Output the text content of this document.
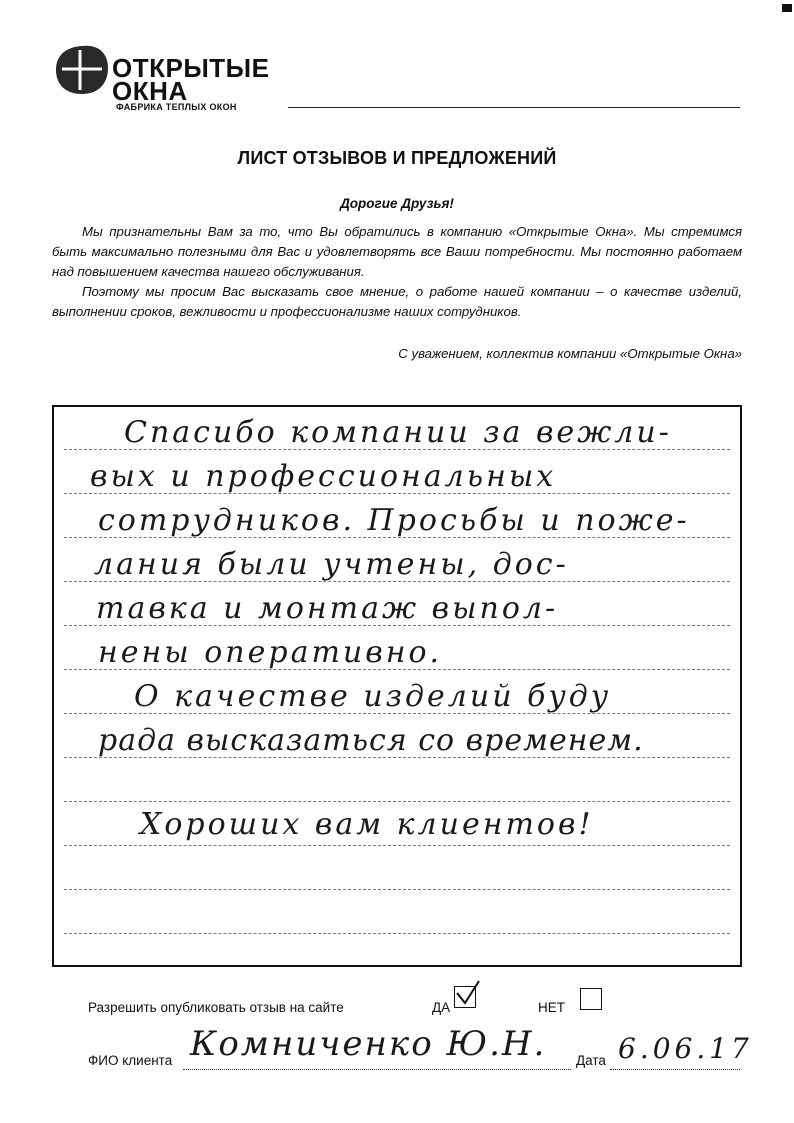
ОТКРЫТЫЕ
ОКНА
ФАБРИКА ТЕПЛЫХ ОКОН
ЛИСТ ОТЗЫВОВ И ПРЕДЛОЖЕНИЙ
Дорогие Друзья!

Мы признательны Вам за то, что Вы обратились в компанию «Открытые Окна». Мы стремимся быть максимально полезными для Вас и удовлетворять все Ваши потребности. Мы постоянно работаем над повышением качества нашего обслуживания.

Поэтому мы просим Вас высказать свое мнение, о работе нашей компании – о качестве изделий, выполнении сроков, вежливости и профессионализме наших сотрудников.

С уважением, коллектив компании «Открытые Окна»
Спасибо компании за вежли-
вых и профессиональных
сотрудников. Просьбы и поже-
лания были учтены, дос-
тавка и монтаж выпол-
нены оперативно.
О качестве изделий буду
рада высказаться со временем.
Хороших вам клиентов!
Разрешить опубликовать отзыв на сайте	ДА	НЕТ
ФИО клиента Комниченко Ю.Н. Дата 6.06.17
